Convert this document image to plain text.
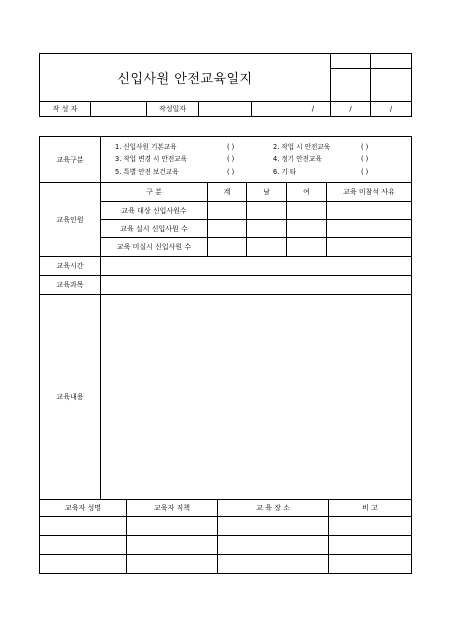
신입사원 안전교육일지							

작 성 자		작성일자		/	/	/	
교육구분	1. 신입사원 기본교육 ( ) 2. 작업 시 안전교육 ( )
3. 작업 변경 시 안전교육 ( ) 4. 정기 안전교육 ( )
5. 특별 안전 보건교육 ( ) 6. 기 타 ( )				

교육인원	구 분	계	남	여	교육 미참석 사유
	교육 대상 신입사원수				
	교육 실시 신입사원 수				
	교육 미실시 신입사원 수				
교육시간					
교육과목					
교육내용					
교육자 성명	교육자 직책	교 육 장 소	비 고
